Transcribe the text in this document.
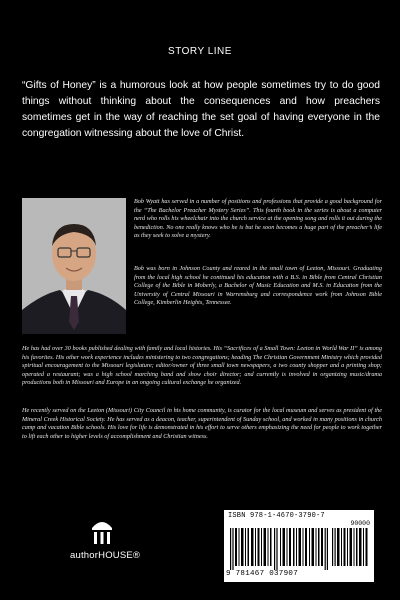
STORY LINE

“Gifts of Honey” is a humorous look at how people sometimes try to do good things without thinking about the consequences and how preachers sometimes get in the way of reaching the set goal of having everyone in the congregation witnessing about the love of Christ.

Bob Wyatt has served in a number of positions and professions that provide a good background for the “The Bachelor Preacher Mystery Series”. This fourth book in the series is about a computer nerd who rolls his wheelchair into the church service at the opening song and rolls it out during the benediction. No one really knows who he is but he soon becomes a huge part of the preacher’s life as they seek to solve a mystery.

Bob was born in Johnson County and reared in the small town of Leeton, Missouri. Graduating from the local high school he continued his education with a B.S. in Bible from Central Christian College of the Bible in Moberly, a Bachelor of Music Education and M.S. in Education from the University of Central Missouri in Warrensburg and correspondence work from Johnson Bible College, Kimberlin Heights, Tennessee.

He has had over 30 books published dealing with family and local histories. His “Sacrifices of a Small Town: Leeton in World War II” is among his favorites. His other work experience includes ministering to two congregations; heading The Christian Government Ministry which provided spiritual encouragement to the Missouri legislature; editor/owner of three small town newspapers, a two county shopper and a printing shop; operated a restaurant; was a high school marching band and show choir director; and currently is involved in organizing music/drama productions both in Missouri and Europe in an ongoing cultural exchange he organized.

He recently served on the Leeton (Missouri) City Council in his home community, is curator for the local museum and serves as president of the Mineral Creek Historical Society. He has served as a deacon, teacher, superintendent of Sunday school, and worked in many positions in church camp and vacation Bible schools. His love for life is demonstrated in his effort to serve others emphasizing the need for people to work together to lift each other to higher levels of accomplishment and Christian witness.

authorHOUSE®
ISBN 978-1-4670-3790-7
90000
9 781467 037907
